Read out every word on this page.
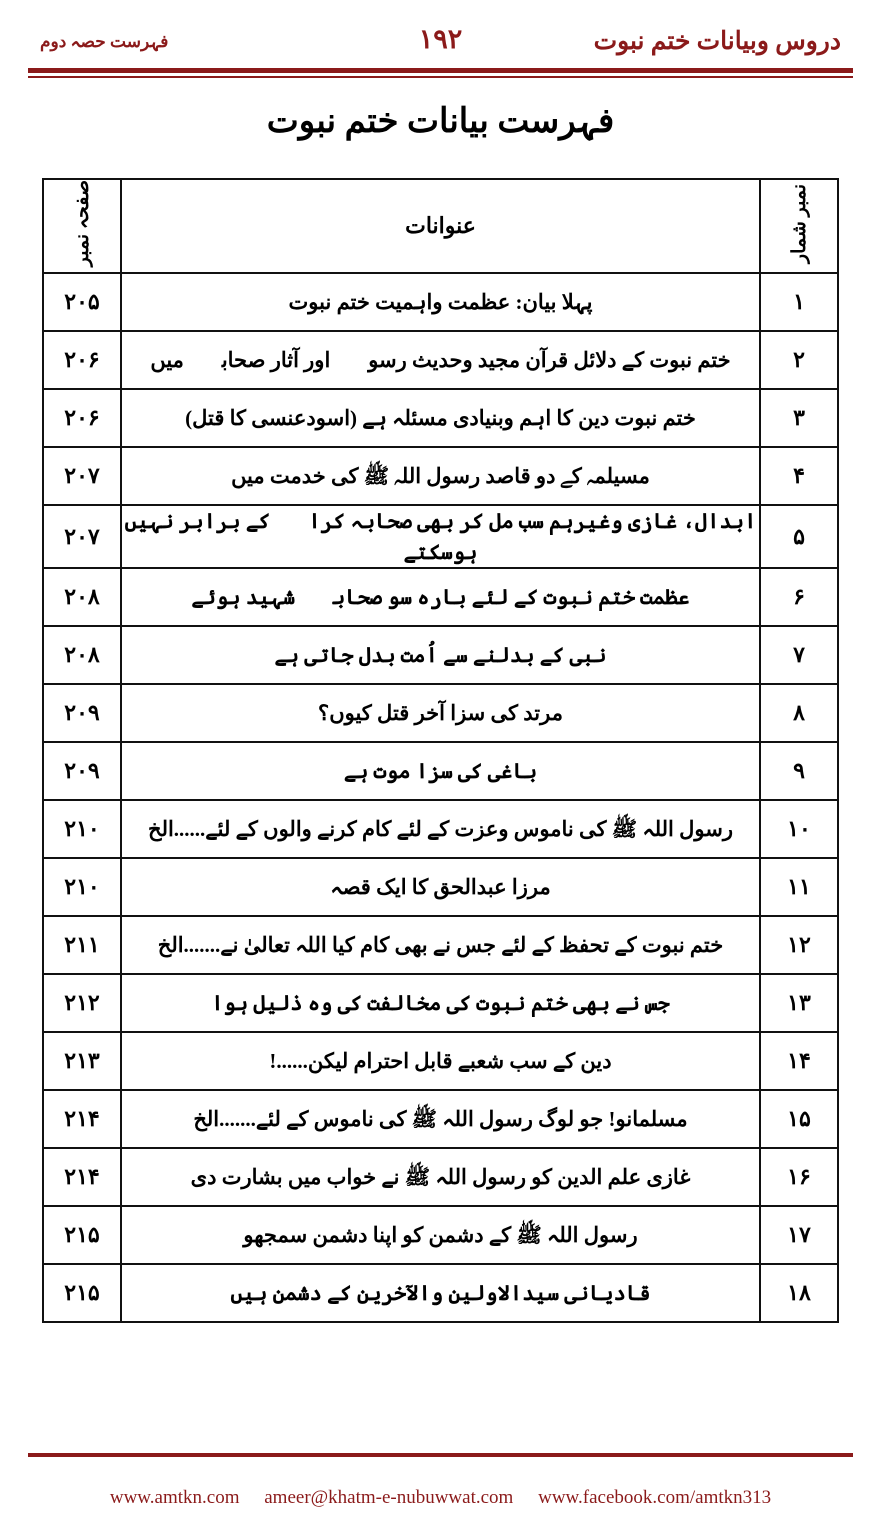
دروس وبیانات ختم نبوت
۱۹۲
فہرست حصہ دوم
فہرست بیانات ختم نبوت
نمبر شمار	عنوانات	صفحہ نمبر
۱	پہلا بیان: عظمت واہمیت ختم نبوت	۲۰۵
۲	ختم نبوت کے دلائل قرآن مجید وحدیث رسولؐ اور آثار صحابہؓ میں	۲۰۶
۳	ختم نبوت دین کا اہم وبنیادی مسئلہ ہے (اسودعنسی کا قتل)	۲۰۶
۴	مسیلمہ کے دو قاصد رسول اللہ ﷺ کی خدمت میں	۲۰۷
۵	ابدال، غازی وغیرہم سب مل کر بھی صحابہ کرامؓ کے برابر نہیں ہوسکتے	۲۰۷
۶	عظمت ختم نبوت کے لئے بارہ سو صحابہؓ شہید ہوئے	۲۰۸
۷	نبی کے بدلنے سے اُمت بدل جاتی ہے	۲۰۸
۸	مرتد کی سزا آخر قتل کیوں؟	۲۰۹
۹	باغی کی سزا موت ہے	۲۰۹
۱۰	رسول اللہ ﷺ کی ناموس وعزت کے لئے کام کرنے والوں کے لئے......الخ	۲۱۰
۱۱	مرزا عبدالحق کا ایک قصہ	۲۱۰
۱۲	ختم نبوت کے تحفظ کے لئے جس نے بھی کام کیا اللہ تعالیٰ نے.......الخ	۲۱۱
۱۳	جس نے بھی ختم نبوت کی مخالفت کی وہ ذلیل ہوا	۲۱۲
۱۴	دین کے سب شعبے قابل احترام لیکن......!	۲۱۳
۱۵	مسلمانو! جو لوگ رسول اللہ ﷺ کی ناموس کے لئے.......الخ	۲۱۴
۱۶	غازی علم الدین کو رسول اللہ ﷺ نے خواب میں بشارت دی	۲۱۴
۱۷	رسول اللہ ﷺ کے دشمن کو اپنا دشمن سمجھو	۲۱۵
۱۸	قادیانی سیدالاولین والآخرین کے دشمن ہیں	۲۱۵
www.amtkn.com ameer@khatm-e-nubuwwat.com www.facebook.com/amtkn313
